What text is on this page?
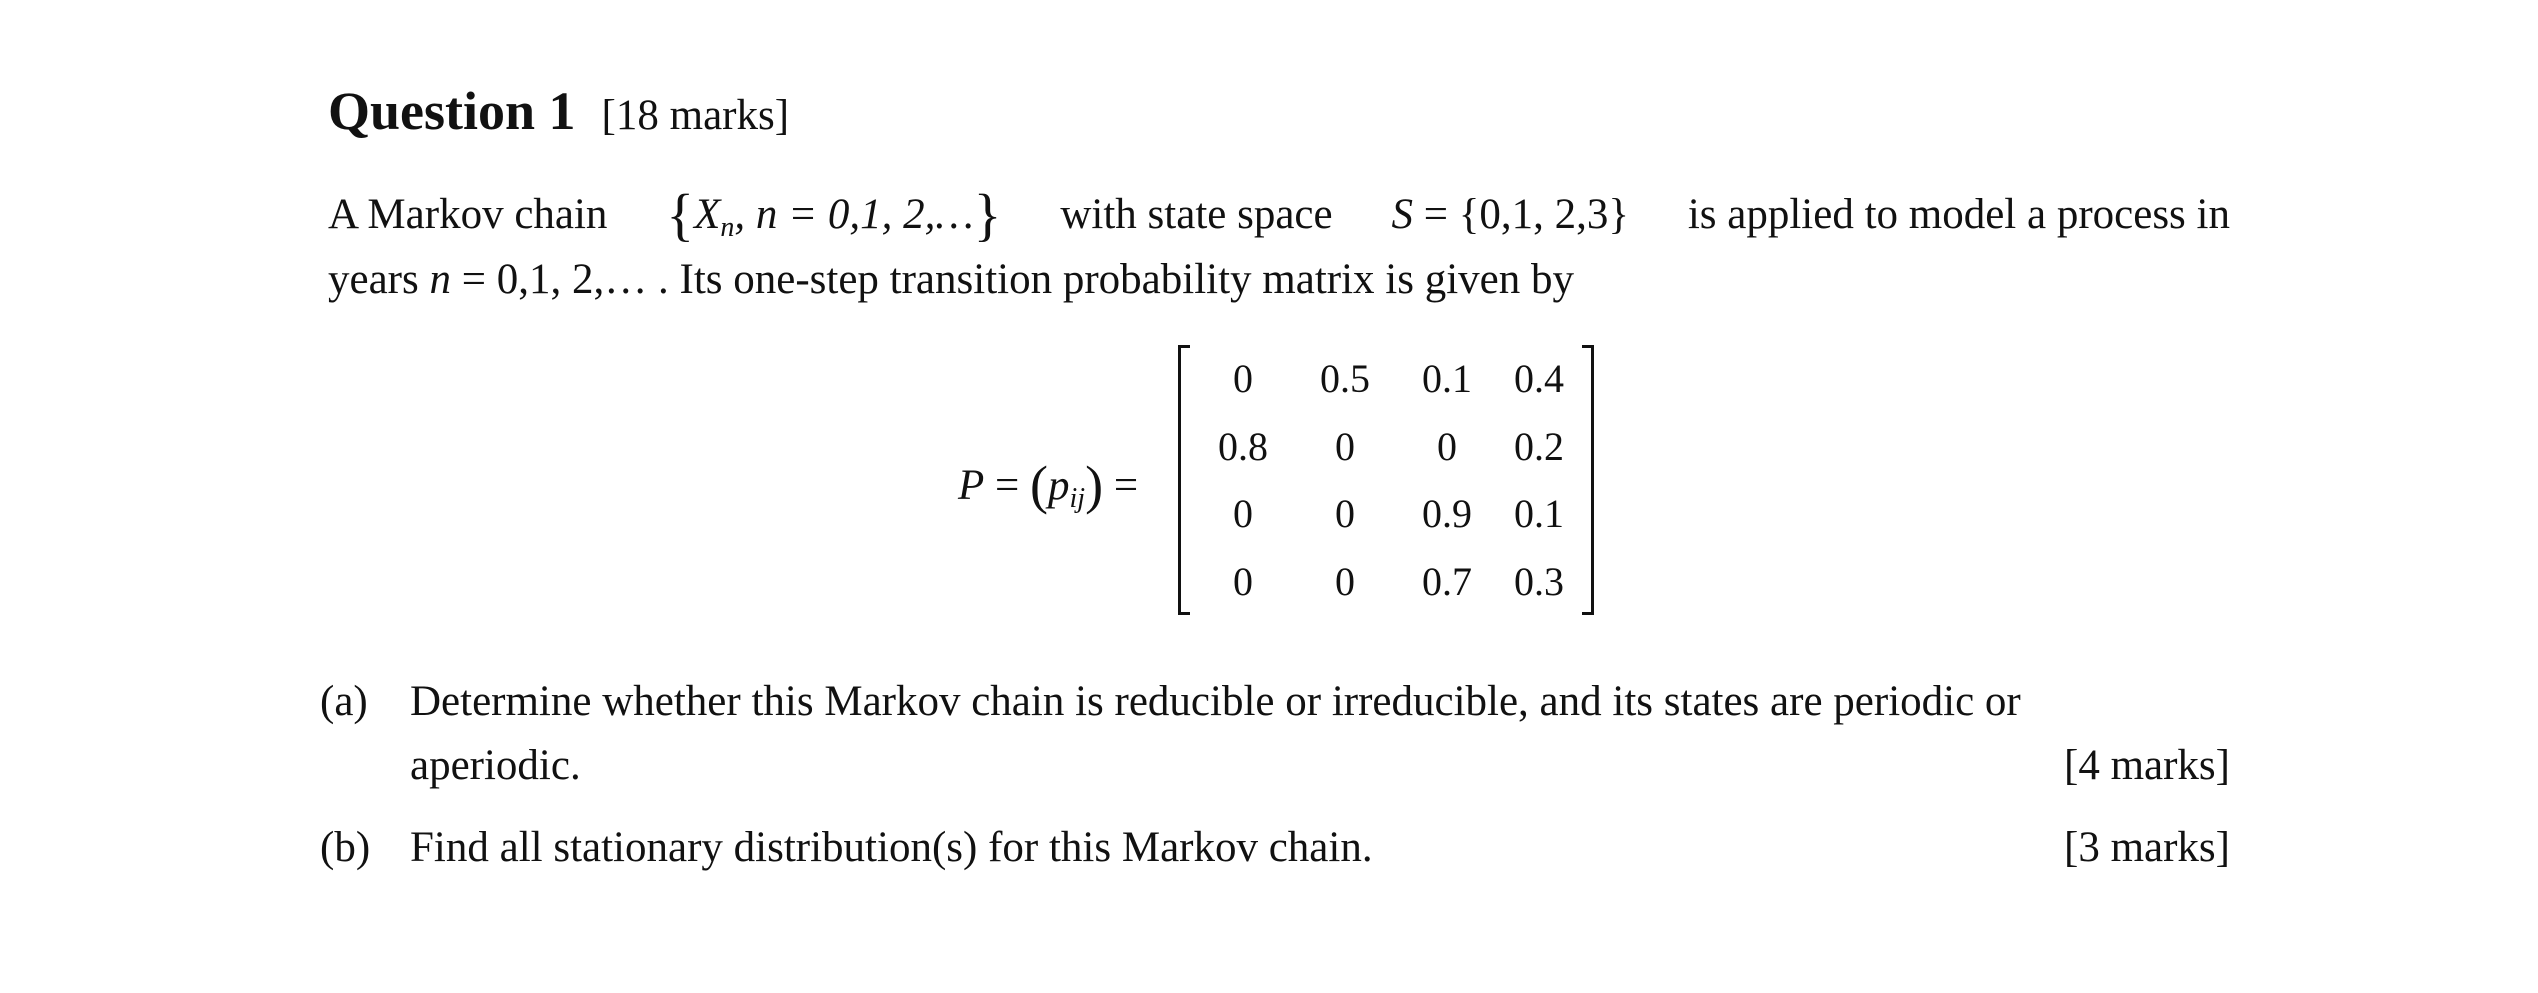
Question 1 [18 marks]
A Markov chain {$X_n$, n = 0,1, 2,…} with state space S = {0,1, 2,3} is applied to model a process in
years n = 0,1, 2,… . Its one-step transition probability matrix is given by
$P = (p_{ij})$ =
0	0.5	0.1	0.4
0.8	0	0	0.2
0	0	0.9	0.1
0	0	0.7	0.3
(a) Determine whether this Markov chain is reducible or irreducible, and its states are periodic or
aperiodic.	[4 marks]
(b) Find all stationary distribution(s) for this Markov chain.	[3 marks]
